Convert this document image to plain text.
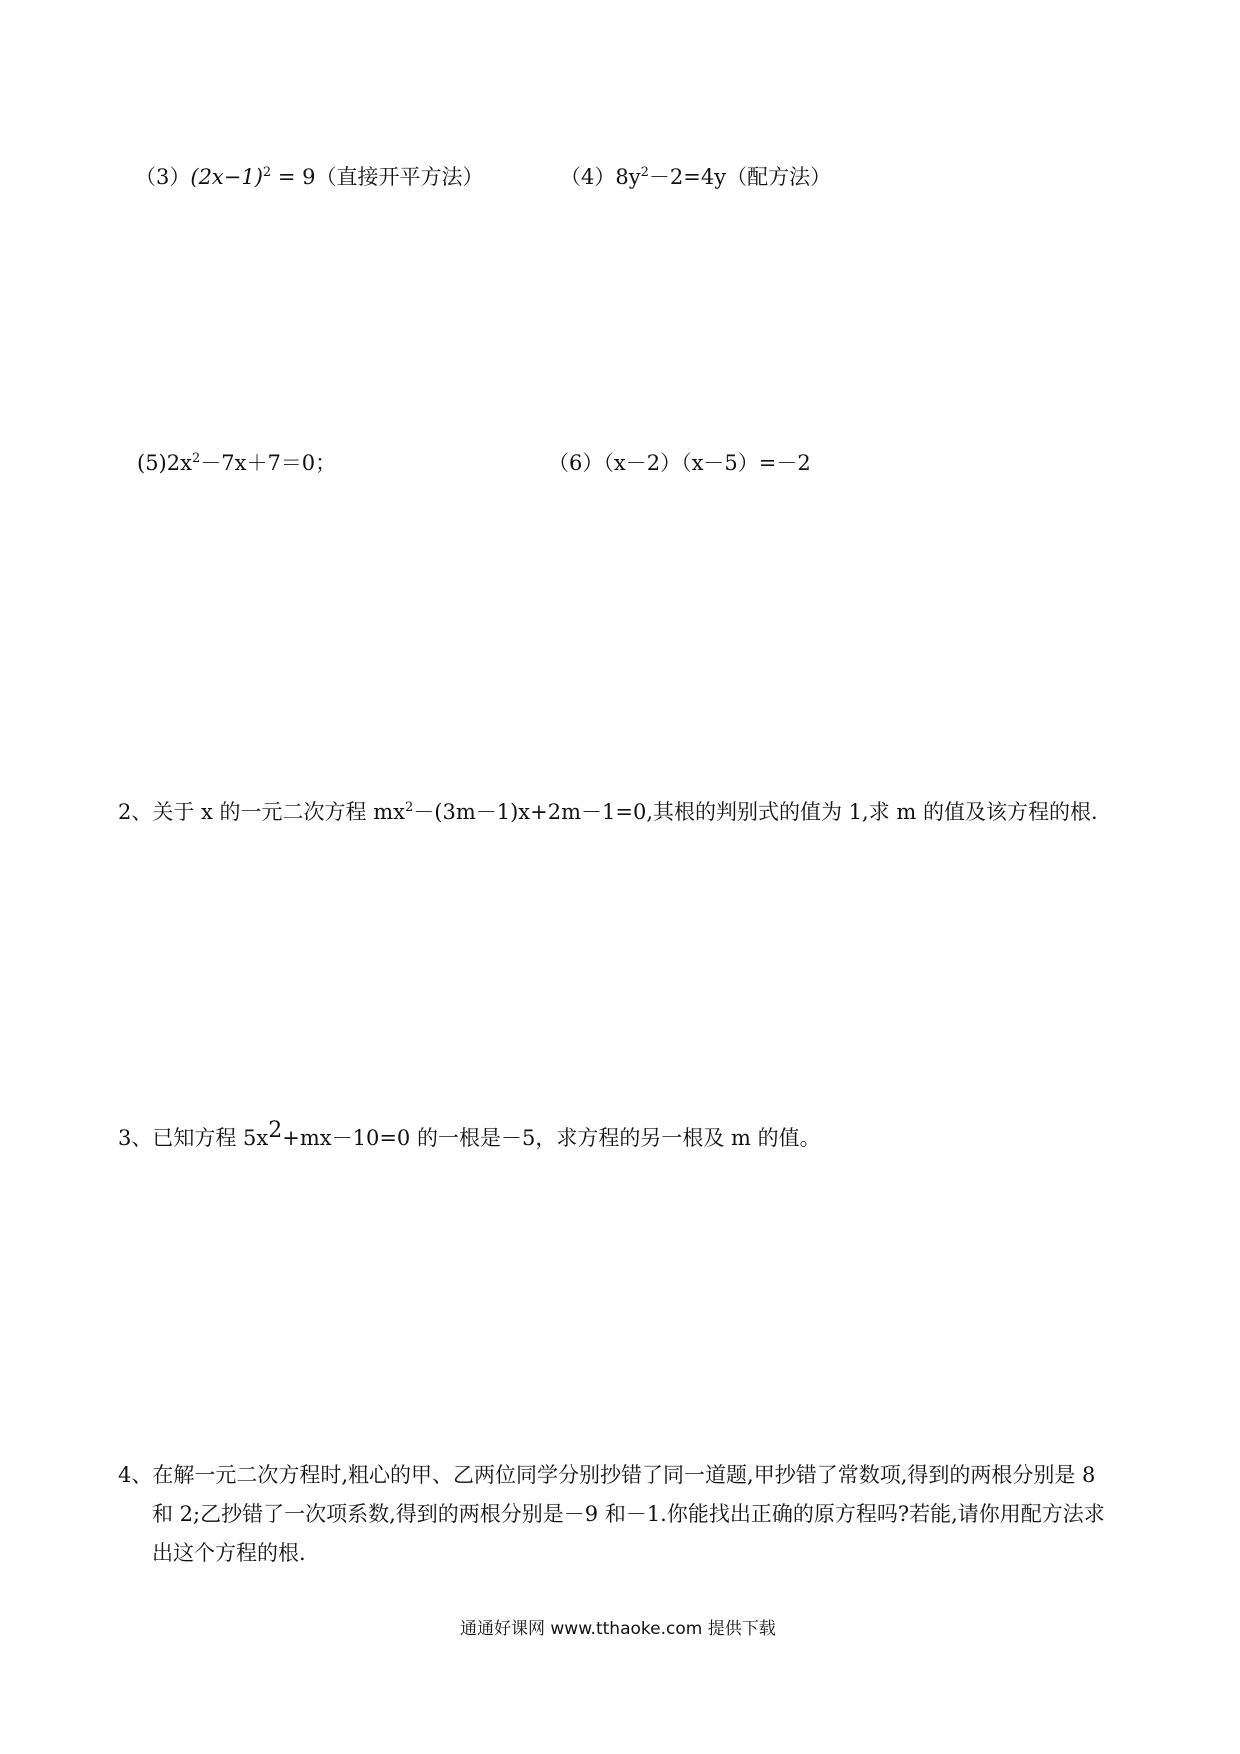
$(3)(2x-1)^2 = 9$（直接开平方法）	$(4)8y^2-2=4y$（配方法）
$(5)2x^2-7x+7=0$；	（6）（x－2）（x－5）=－2
2、关于 x 的一元二次方程 $mx^2-(3m-1)x+2m-1=0$,其根的判别式的值为 1,求 m 的值及该方程的根.
3、已知方程 $5x^2+mx-10=0$ 的一根是－5，求方程的另一根及 m 的值。
4、在解一元二次方程时,粗心的甲、乙两位同学分别抄错了同一道题,甲抄错了常数项,得到的两根分别是 8
和 2;乙抄错了一次项系数,得到的两根分别是－9 和－1.你能找出正确的原方程吗?若能,请你用配方法求
出这个方程的根.
通通好课网 www.tthaoke.com 提供下载
